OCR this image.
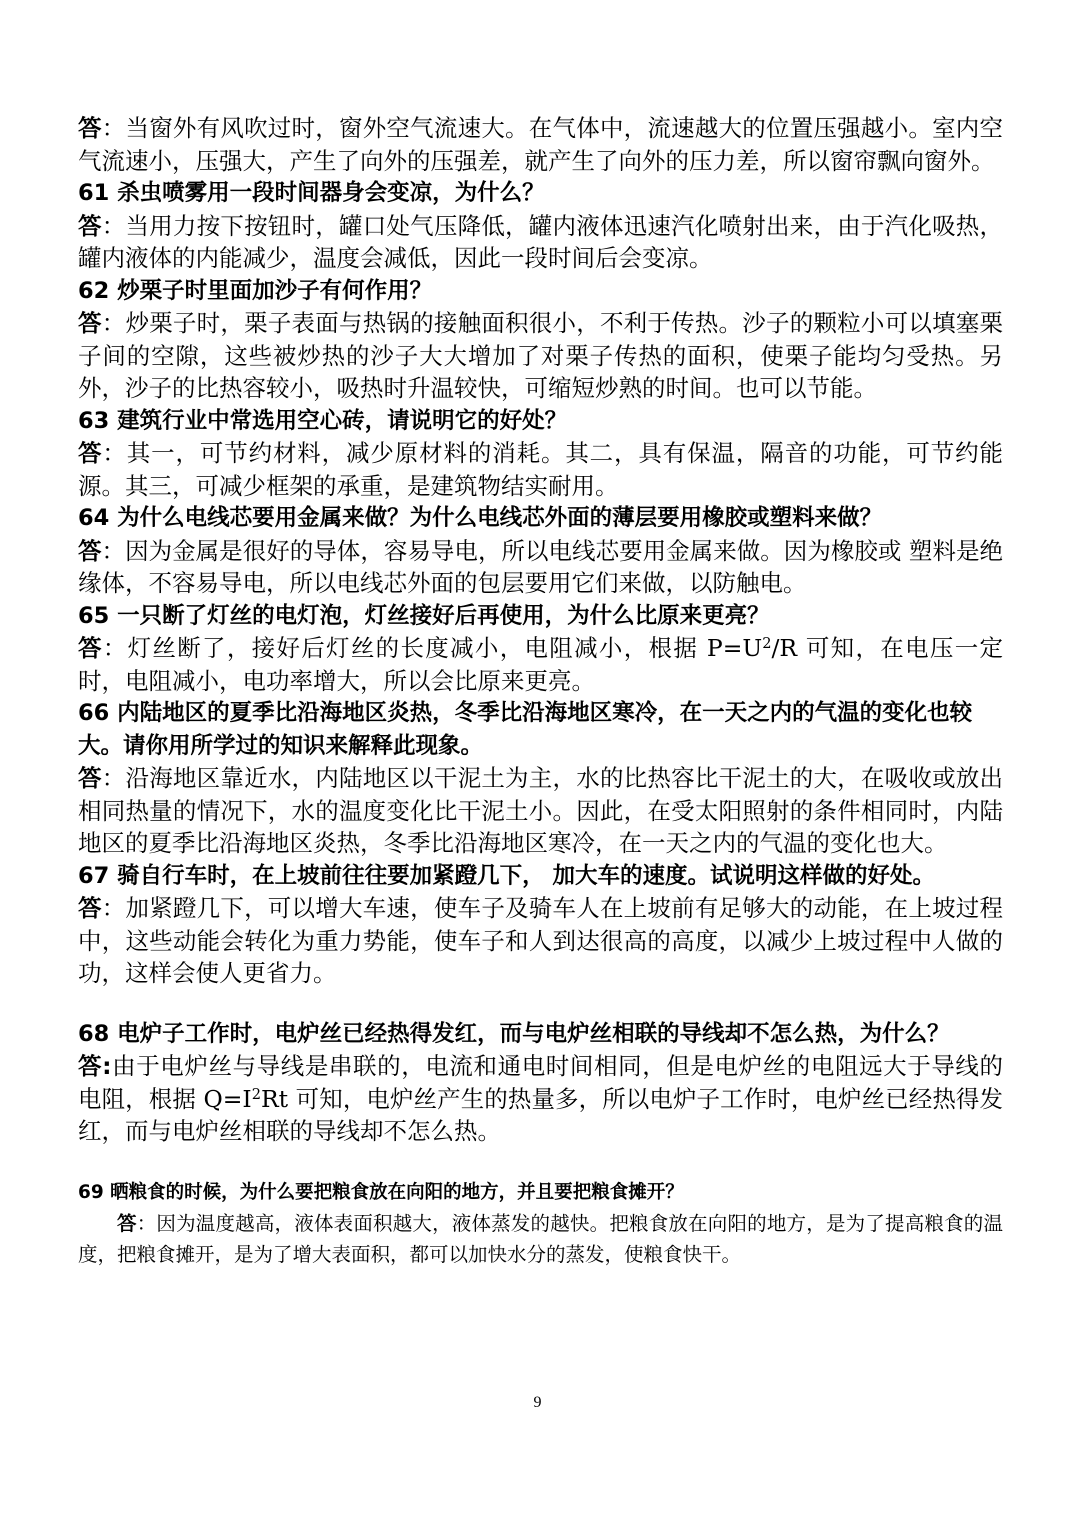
答：当窗外有风吹过时，窗外空气流速大。在气体中，流速越大的位置压强越小。室内空气流速小，压强大，产生了向外的压强差，就产生了向外的压力差，所以窗帘飘向窗外。

61 杀虫喷雾用一段时间器身会变凉，为什么？

答：当用力按下按钮时，罐口处气压降低，罐内液体迅速汽化喷射出来，由于汽化吸热，罐内液体的内能减少，温度会减低，因此一段时间后会变凉。

62 炒栗子时里面加沙子有何作用？

答：炒栗子时，栗子表面与热锅的接触面积很小，不利于传热。沙子的颗粒小可以填塞栗子间的空隙，这些被炒热的沙子大大增加了对栗子传热的面积，使栗子能均匀受热。另外，沙子的比热容较小，吸热时升温较快，可缩短炒熟的时间。也可以节能。

63 建筑行业中常选用空心砖，请说明它的好处？

答：其一，可节约材料，减少原材料的消耗。其二，具有保温，隔音的功能，可节约能源。其三，可减少框架的承重，是建筑物结实耐用。

64 为什么电线芯要用金属来做？为什么电线芯外面的薄层要用橡胶或塑料来做？

答：因为金属是很好的导体，容易导电，所以电线芯要用金属来做。因为橡胶或 塑料是绝缘体，不容易导电，所以电线芯外面的包层要用它们来做，以防触电。

65 一只断了灯丝的电灯泡，灯丝接好后再使用，为什么比原来更亮？

答：灯丝断了，接好后灯丝的长度减小，电阻减小，根据 $P=U^2/R$ 可知，在电压一定时，电阻减小，电功率增大，所以会比原来更亮。

66 内陆地区的夏季比沿海地区炎热，冬季比沿海地区寒冷，在一天之内的气温的变化也较大。请你用所学过的知识来解释此现象。

答：沿海地区靠近水，内陆地区以干泥土为主，水的比热容比干泥土的大，在吸收或放出相同热量的情况下，水的温度变化比干泥土小。因此，在受太阳照射的条件相同时，内陆地区的夏季比沿海地区炎热，冬季比沿海地区寒冷，在一天之内的气温的变化也大。

67 骑自行车时，在上坡前往往要加紧蹬几下， 加大车的速度。试说明这样做的好处。

答：加紧蹬几下，可以增大车速，使车子及骑车人在上坡前有足够大的动能，在上坡过程中，这些动能会转化为重力势能，使车子和人到达很高的高度，以减少上坡过程中人做的功，这样会使人更省力。

68 电炉子工作时，电炉丝已经热得发红，而与电炉丝相联的导线却不怎么热，为什么？

答:由于电炉丝与导线是串联的，电流和通电时间相同，但是电炉丝的电阻远大于导线的电阻，根据 $Q=I^2Rt$ 可知，电炉丝产生的热量多，所以电炉子工作时，电炉丝已经热得发红，而与电炉丝相联的导线却不怎么热。

69 晒粮食的时候，为什么要把粮食放在向阳的地方，并且要把粮食摊开？

答：因为温度越高，液体表面积越大，液体蒸发的越快。把粮食放在向阳的地方，是为了提高粮食的温度，把粮食摊开，是为了增大表面积，都可以加快水分的蒸发，使粮食快干。

9
